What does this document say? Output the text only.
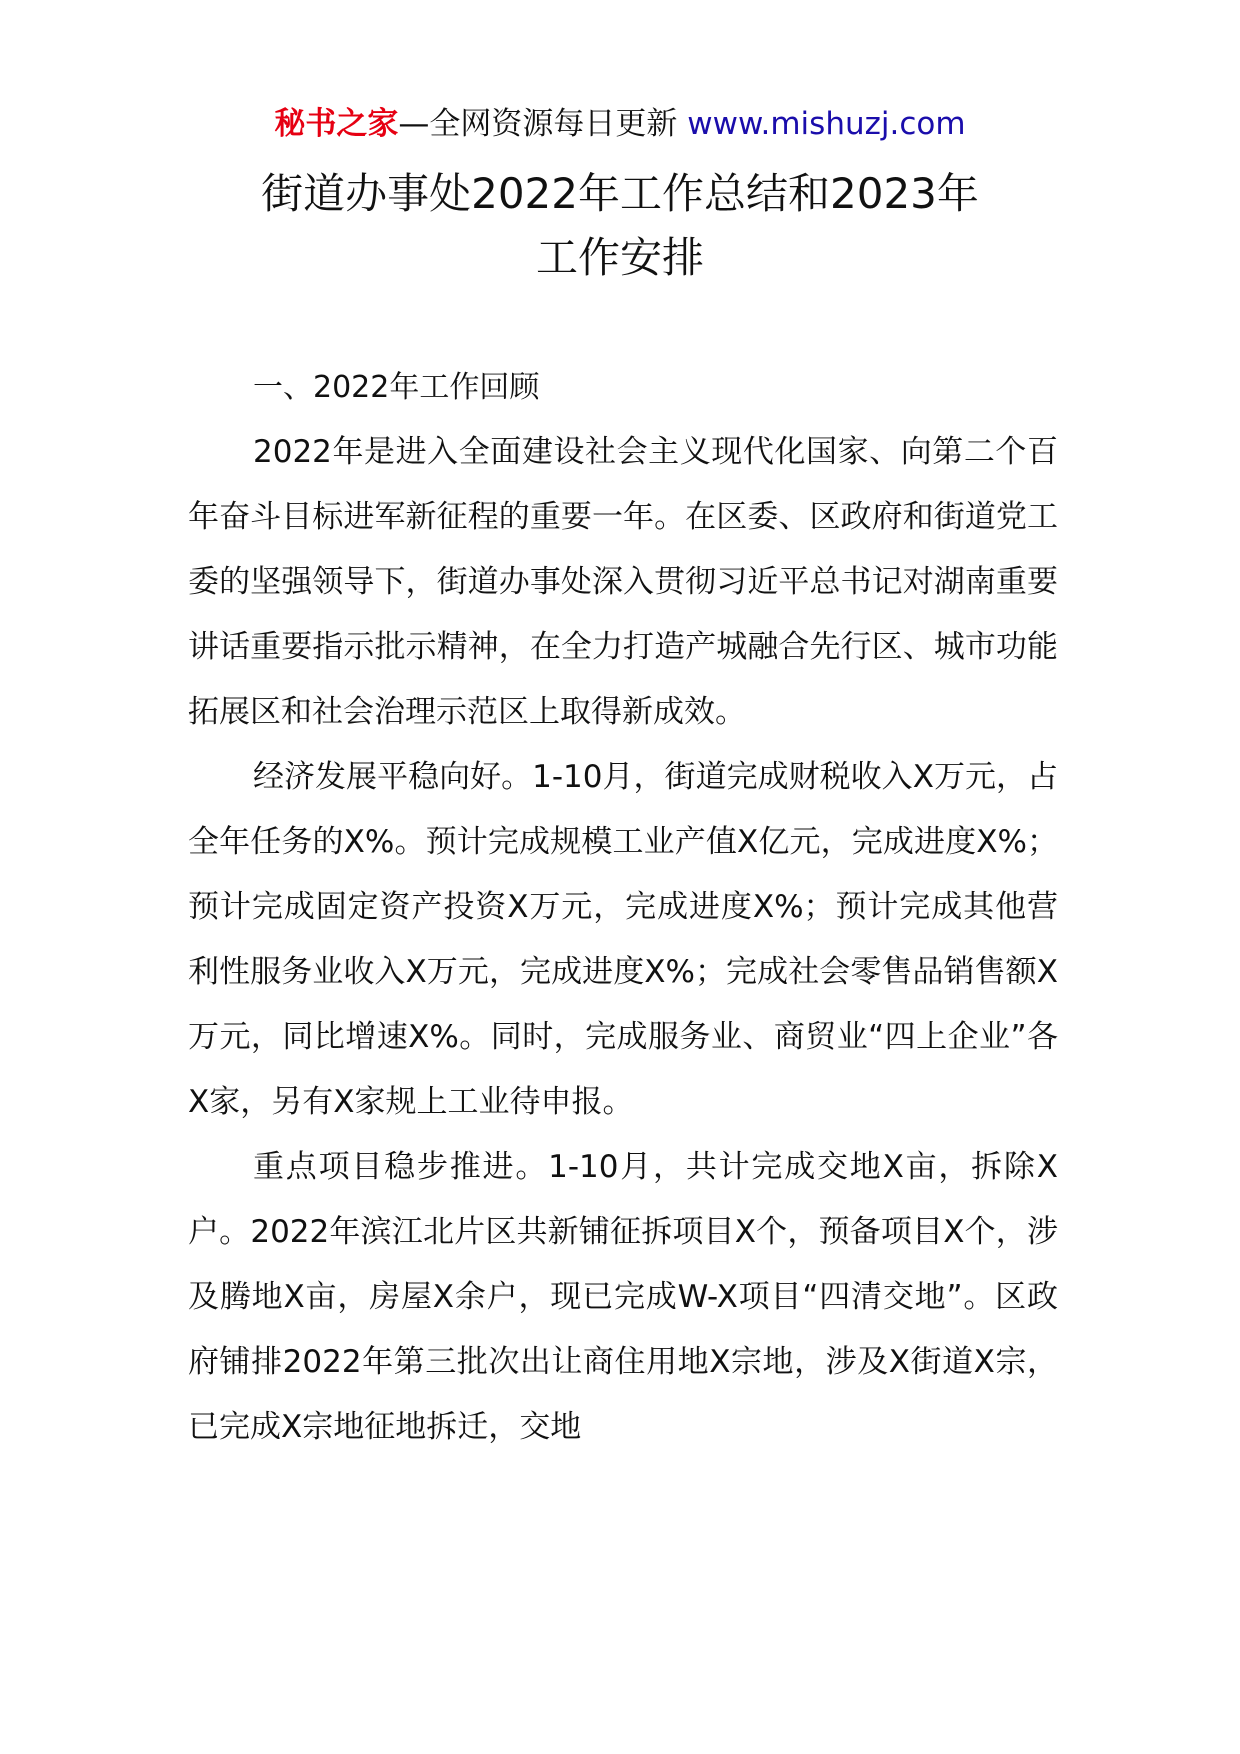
秘书之家—全网资源每日更新 www.mishuzj.com
街道办事处2022年工作总结和2023年
工作安排
一、2022年工作回顾

2022年是进入全面建设社会主义现代化国家、向第二个百年奋斗目标进军新征程的重要一年。在区委、区政府和街道党工委的坚强领导下，街道办事处深入贯彻习近平总书记对湖南重要讲话重要指示批示精神，在全力打造产城融合先行区、城市功能拓展区和社会治理示范区上取得新成效。

经济发展平稳向好。1-10月，街道完成财税收入X万元，占全年任务的X%。预计完成规模工业产值X亿元，完成进度X%；预计完成固定资产投资X万元，完成进度X%；预计完成其他营利性服务业收入X万元，完成进度X%；完成社会零售品销售额X万元，同比增速X%。同时，完成服务业、商贸业“四上企业”各X家，另有X家规上工业待申报。

重点项目稳步推进。1-10月，共计完成交地X亩，拆除X户。2022年滨江北片区共新铺征拆项目X个，预备项目X个，涉及腾地X亩，房屋X余户，现已完成W-X项目“四清交地”。区政府铺排2022年第三批次出让商住用地X宗地，涉及X街道X宗，已完成X宗地征地拆迁，交地
